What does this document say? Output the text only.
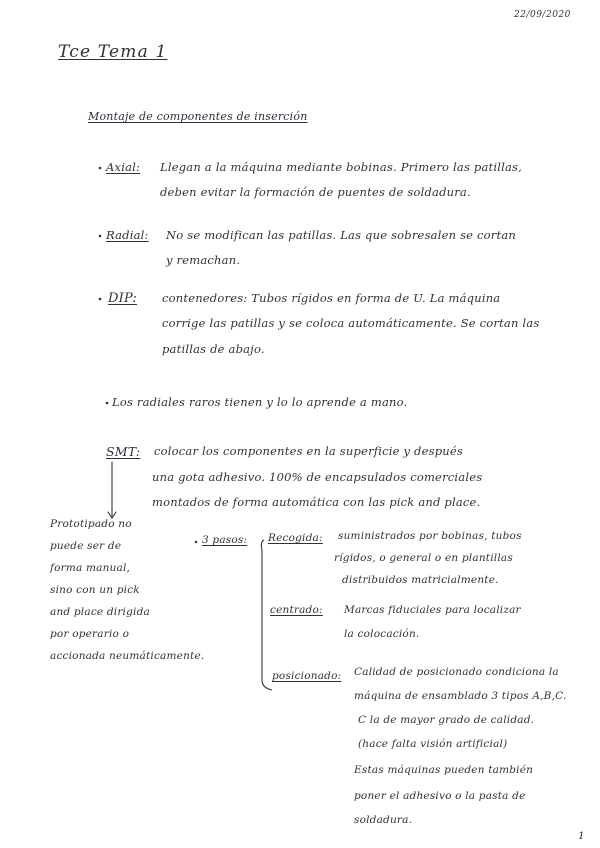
22/09/2020
Tce Tema 1
Montaje de componentes de inserción
Axial: Llegan a la máquina mediante bobinas. Primero las patillas,
deben evitar la formación de puentes de soldadura.
Radial: No se modifican las patillas. Las que sobresalen se cortan
y remachan.
DIP: contenedores: Tubos rígidos en forma de U. La máquina
corrige las patillas y se coloca automáticamente. Se cortan las
patillas de abajo.
Los radiales raros tienen y lo lo aprende a mano.
SMT: colocar los componentes en la superficie y después
una gota adhesivo. 100% de encapsulados comerciales
montados de forma automática con las pick and place.
Prototipado no
puede ser de
forma manual,
sino con un pick
and place dirigida
por operario o
accionada neumáticamente.
3 pasos: Recogida: suministrados por bobinas, tubos
rígidos, o general o en plantillas
distribuidos matricialmente.
centrado: Marcas fiduciales para localizar
la colocación.
posicionado: Calidad de posicionado condiciona la
máquina de ensamblado 3 tipos A,B,C.
C la de mayor grado de calidad.
(hace falta visión artificial)
Estas máquinas pueden también
poner el adhesivo o la pasta de
soldadura.
1
